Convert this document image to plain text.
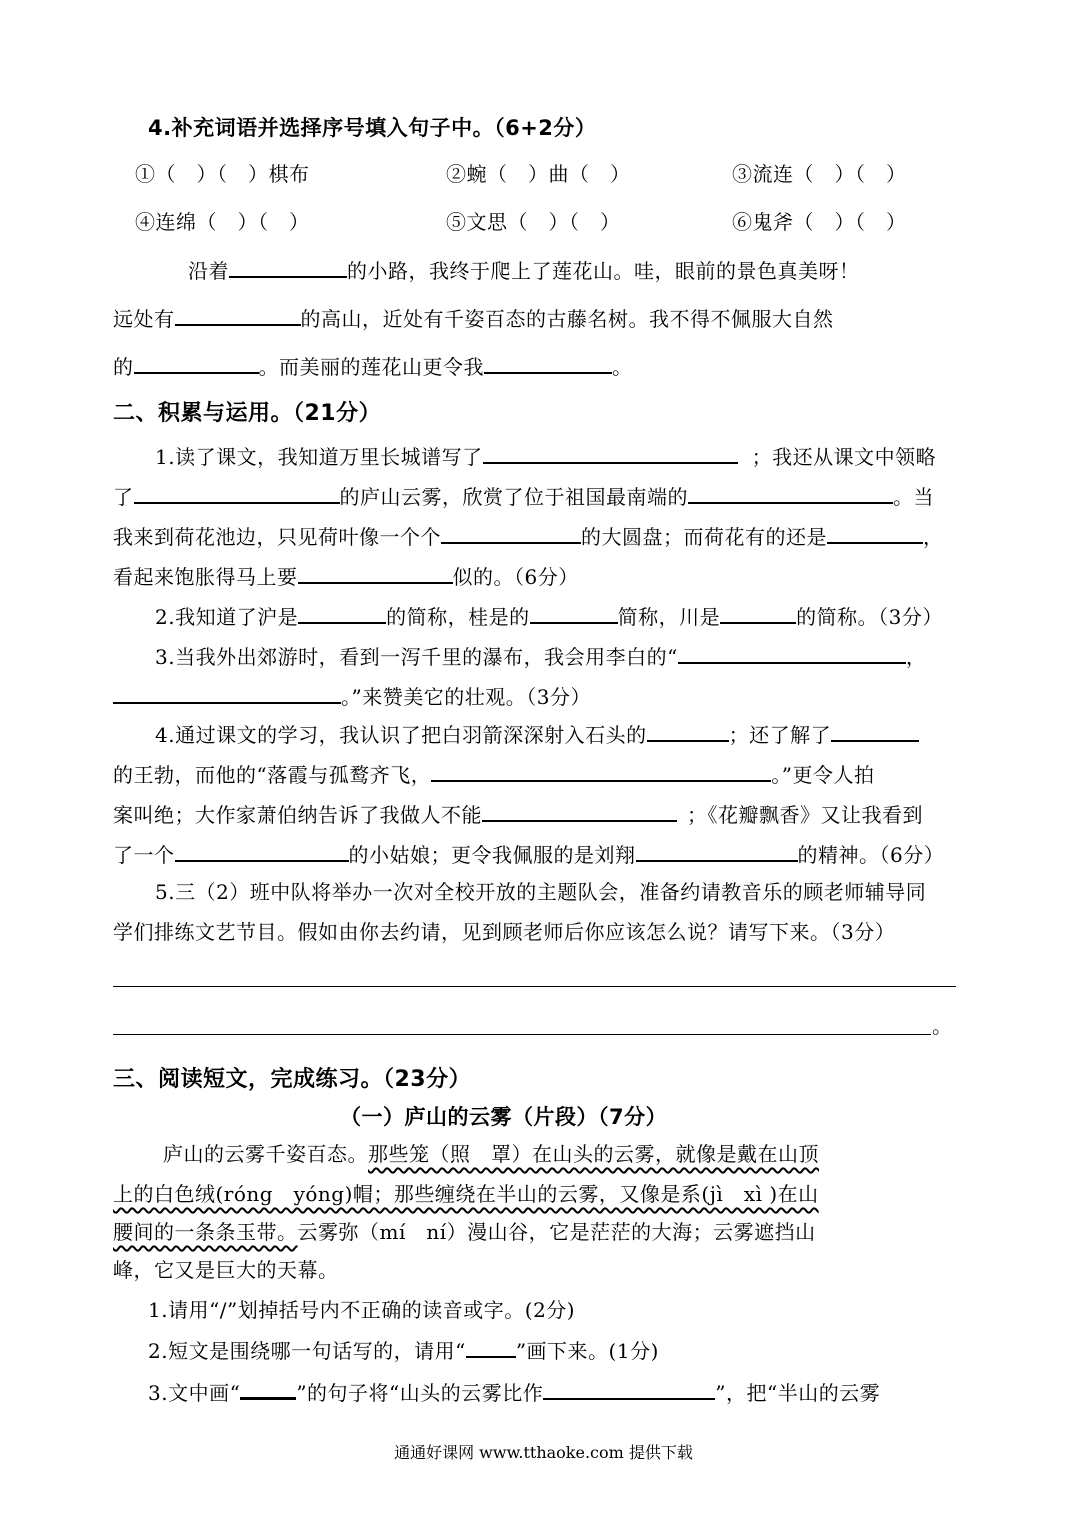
4.补充词语并选择序号填入句子中。（6+2分）
①（　）（　）棋布	②蜿（　）曲（　）	③流连（　）（　）
④连绵（　）（　）	⑤文思（　）（　）	⑥鬼斧（　）（　）
沿着	的小路，我终于爬上了莲花山。哇，眼前的景色真美呀！
远处有	的高山，近处有千姿百态的古藤名树。我不得不佩服大自然
的	。而美丽的莲花山更令我	。
二、积累与运用。（21分）
1.读了课文，我知道万里长城谱写了	；我还从课文中领略
了	的庐山云雾，欣赏了位于祖国最南端的	。当
我来到荷花池边，只见荷叶像一个个	的大圆盘；而荷花有的还是	，
看起来饱胀得马上要	似的。（6分）
2.我知道了沪是	的简称，桂是的	简称，川是	的简称。（3分）
3.当我外出郊游时，看到一泻千里的瀑布，我会用李白的“	，
。”来赞美它的壮观。（3分）
4.通过课文的学习，我认识了把白羽箭深深射入石头的	；还了解了
的王勃，而他的“落霞与孤鹜齐飞，	。”更令人拍
案叫绝；大作家萧伯纳告诉了我做人不能	；《花瓣飘香》又让我看到
了一个	的小姑娘；更令我佩服的是刘翔	的精神。（6分）
5.三（2）班中队将举办一次对全校开放的主题队会，准备约请教音乐的顾老师辅导同
学们排练文艺节目。假如由你去约请，见到顾老师后你应该怎么说？请写下来。（3分）
。
三、阅读短文，完成练习。（23分）
（一）庐山的云雾（片段）（7分）
庐山的云雾千姿百态。那些笼（照　罩）在山头的云雾，就像是戴在山顶
上的白色绒(róng　yóng)帽；那些缠绕在半山的云雾，又像是系(jì　xì )在山
腰间的一条条玉带。云雾弥（mí　ní）漫山谷，它是茫茫的大海；云雾遮挡山
峰，它又是巨大的天幕。
1.请用“/”划掉括号内不正确的读音或字。(2分)
2.短文是围绕哪一句话写的，请用“	”画下来。(1分)
3.文中画“	”的句子将“山头的云雾比作	”，把“半山的云雾
通通好课网 www.tthaoke.com 提供下载
